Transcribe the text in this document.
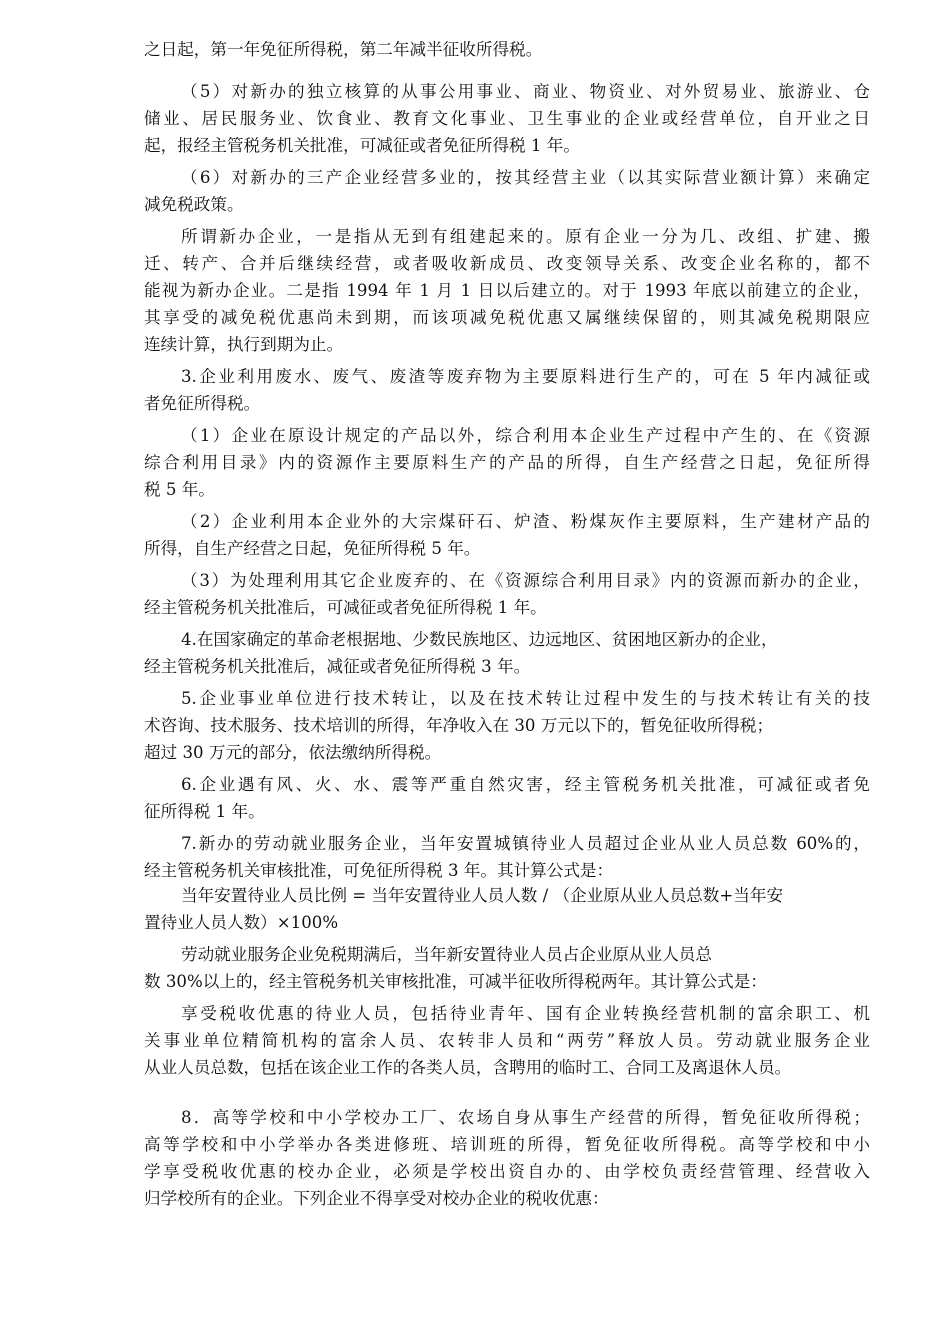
之日起，第一年免征所得税，第二年减半征收所得税。
（5）对新办的独立核算的从事公用事业、商业、物资业、对外贸易业、旅游业、仓
储业、居民服务业、饮食业、教育文化事业、卫生事业的企业或经营单位，自开业之日
起，报经主管税务机关批准，可减征或者免征所得税 1 年。
（6）对新办的三产企业经营多业的，按其经营主业（以其实际营业额计算）来确定
减免税政策。
所谓新办企业，一是指从无到有组建起来的。原有企业一分为几、改组、扩建、搬
迁、转产、合并后继续经营，或者吸收新成员、改变领导关系、改变企业名称的，都不
能视为新办企业。二是指 1994 年 1 月 1 日以后建立的。对于 1993 年底以前建立的企业，
其享受的减免税优惠尚未到期，而该项减免税优惠又属继续保留的，则其减免税期限应
连续计算，执行到期为止。
3.企业利用废水、废气、废渣等废弃物为主要原料进行生产的，可在 5 年内减征或
者免征所得税。
（1）企业在原设计规定的产品以外，综合利用本企业生产过程中产生的、在《资源
综合利用目录》内的资源作主要原料生产的产品的所得，自生产经营之日起，免征所得
税 5 年。
（2）企业利用本企业外的大宗煤矸石、炉渣、粉煤灰作主要原料，生产建材产品的
所得，自生产经营之日起，免征所得税 5 年。
（3）为处理利用其它企业废弃的、在《资源综合利用目录》内的资源而新办的企业，
经主管税务机关批准后，可减征或者免征所得税 1 年。
4.在国家确定的革命老根据地、少数民族地区、边远地区、贫困地区新办的企业，
经主管税务机关批准后，减征或者免征所得税 3 年。
5.企业事业单位进行技术转让，以及在技术转让过程中发生的与技术转让有关的技
术咨询、技术服务、技术培训的所得，年净收入在 30 万元以下的，暂免征收所得税；
超过 30 万元的部分，依法缴纳所得税。
6.企业遇有风、火、水、震等严重自然灾害，经主管税务机关批准，可减征或者免
征所得税 1 年。
7.新办的劳动就业服务企业，当年安置城镇待业人员超过企业从业人员总数 60%的，
经主管税务机关审核批准，可免征所得税 3 年。其计算公式是：
当年安置待业人员比例 = 当年安置待业人员人数 / （企业原从业人员总数+当年安
置待业人员人数）×100%
劳动就业服务企业免税期满后，当年新安置待业人员占企业原从业人员总
数 30%以上的，经主管税务机关审核批准，可减半征收所得税两年。其计算公式是：
享受税收优惠的待业人员，包括待业青年、国有企业转换经营机制的富余职工、机
关事业单位精简机构的富余人员、农转非人员和“两劳”释放人员。劳动就业服务企业
从业人员总数，包括在该企业工作的各类人员，含聘用的临时工、合同工及离退休人员。
8．高等学校和中小学校办工厂、农场自身从事生产经营的所得，暂免征收所得税；
高等学校和中小学举办各类进修班、培训班的所得，暂免征收所得税。高等学校和中小
学享受税收优惠的校办企业，必须是学校出资自办的、由学校负责经营管理、经营收入
归学校所有的企业。下列企业不得享受对校办企业的税收优惠：
